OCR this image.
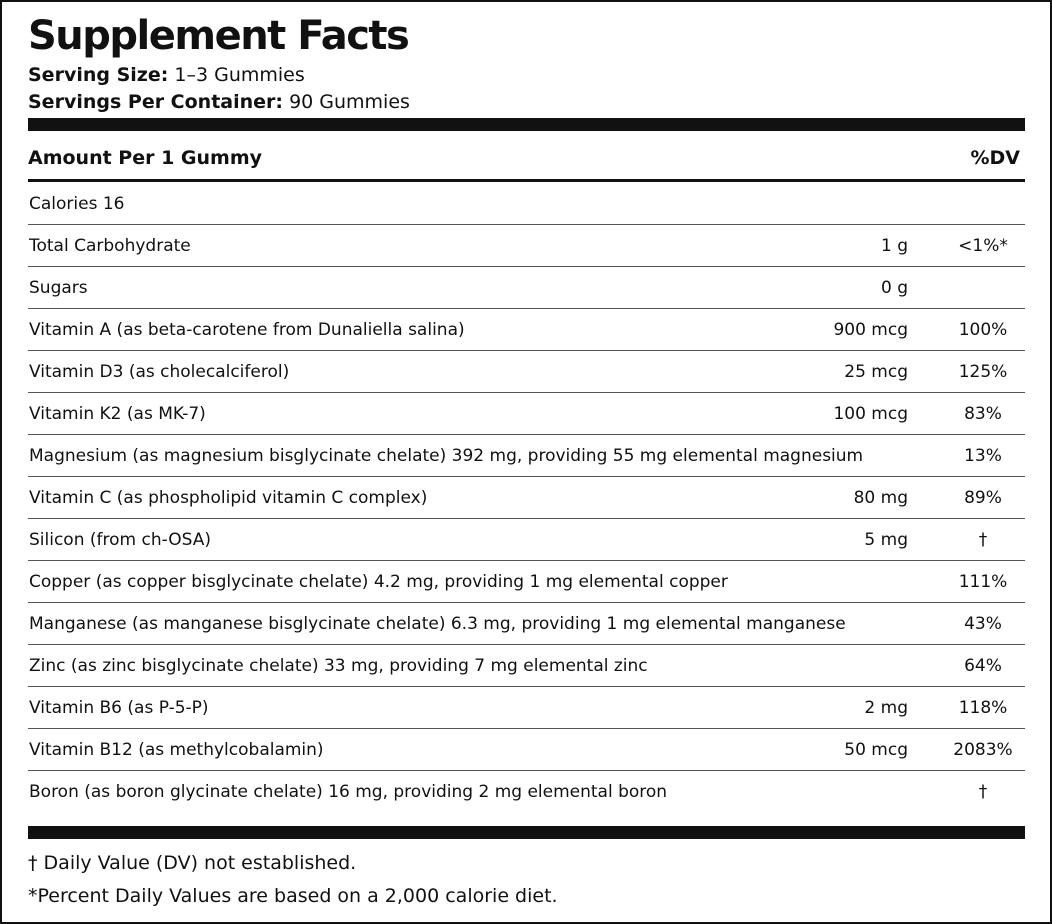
Supplement Facts
Serving Size: 1–3 Gummies
Servings Per Container: 90 Gummies
Amount Per 1 Gummy	%DV
Calories 16
Total Carbohydrate	1 g	<1%*
Sugars	0 g
Vitamin A (as beta-carotene from Dunaliella salina)	900 mcg	100%
Vitamin D3 (as cholecalciferol)	25 mcg	125%
Vitamin K2 (as MK-7)	100 mcg	83%
Magnesium (as magnesium bisglycinate chelate) 392 mg, providing 55 mg elemental magnesium	13%
Vitamin C (as phospholipid vitamin C complex)	80 mg	89%
Silicon (from ch-OSA)	5 mg	†
Copper (as copper bisglycinate chelate) 4.2 mg, providing 1 mg elemental copper	111%
Manganese (as manganese bisglycinate chelate) 6.3 mg, providing 1 mg elemental manganese	43%
Zinc (as zinc bisglycinate chelate) 33 mg, providing 7 mg elemental zinc	64%
Vitamin B6 (as P-5-P)	2 mg	118%
Vitamin B12 (as methylcobalamin)	50 mcg	2083%
Boron (as boron glycinate chelate) 16 mg, providing 2 mg elemental boron	†
† Daily Value (DV) not established.
*Percent Daily Values are based on a 2,000 calorie diet.
